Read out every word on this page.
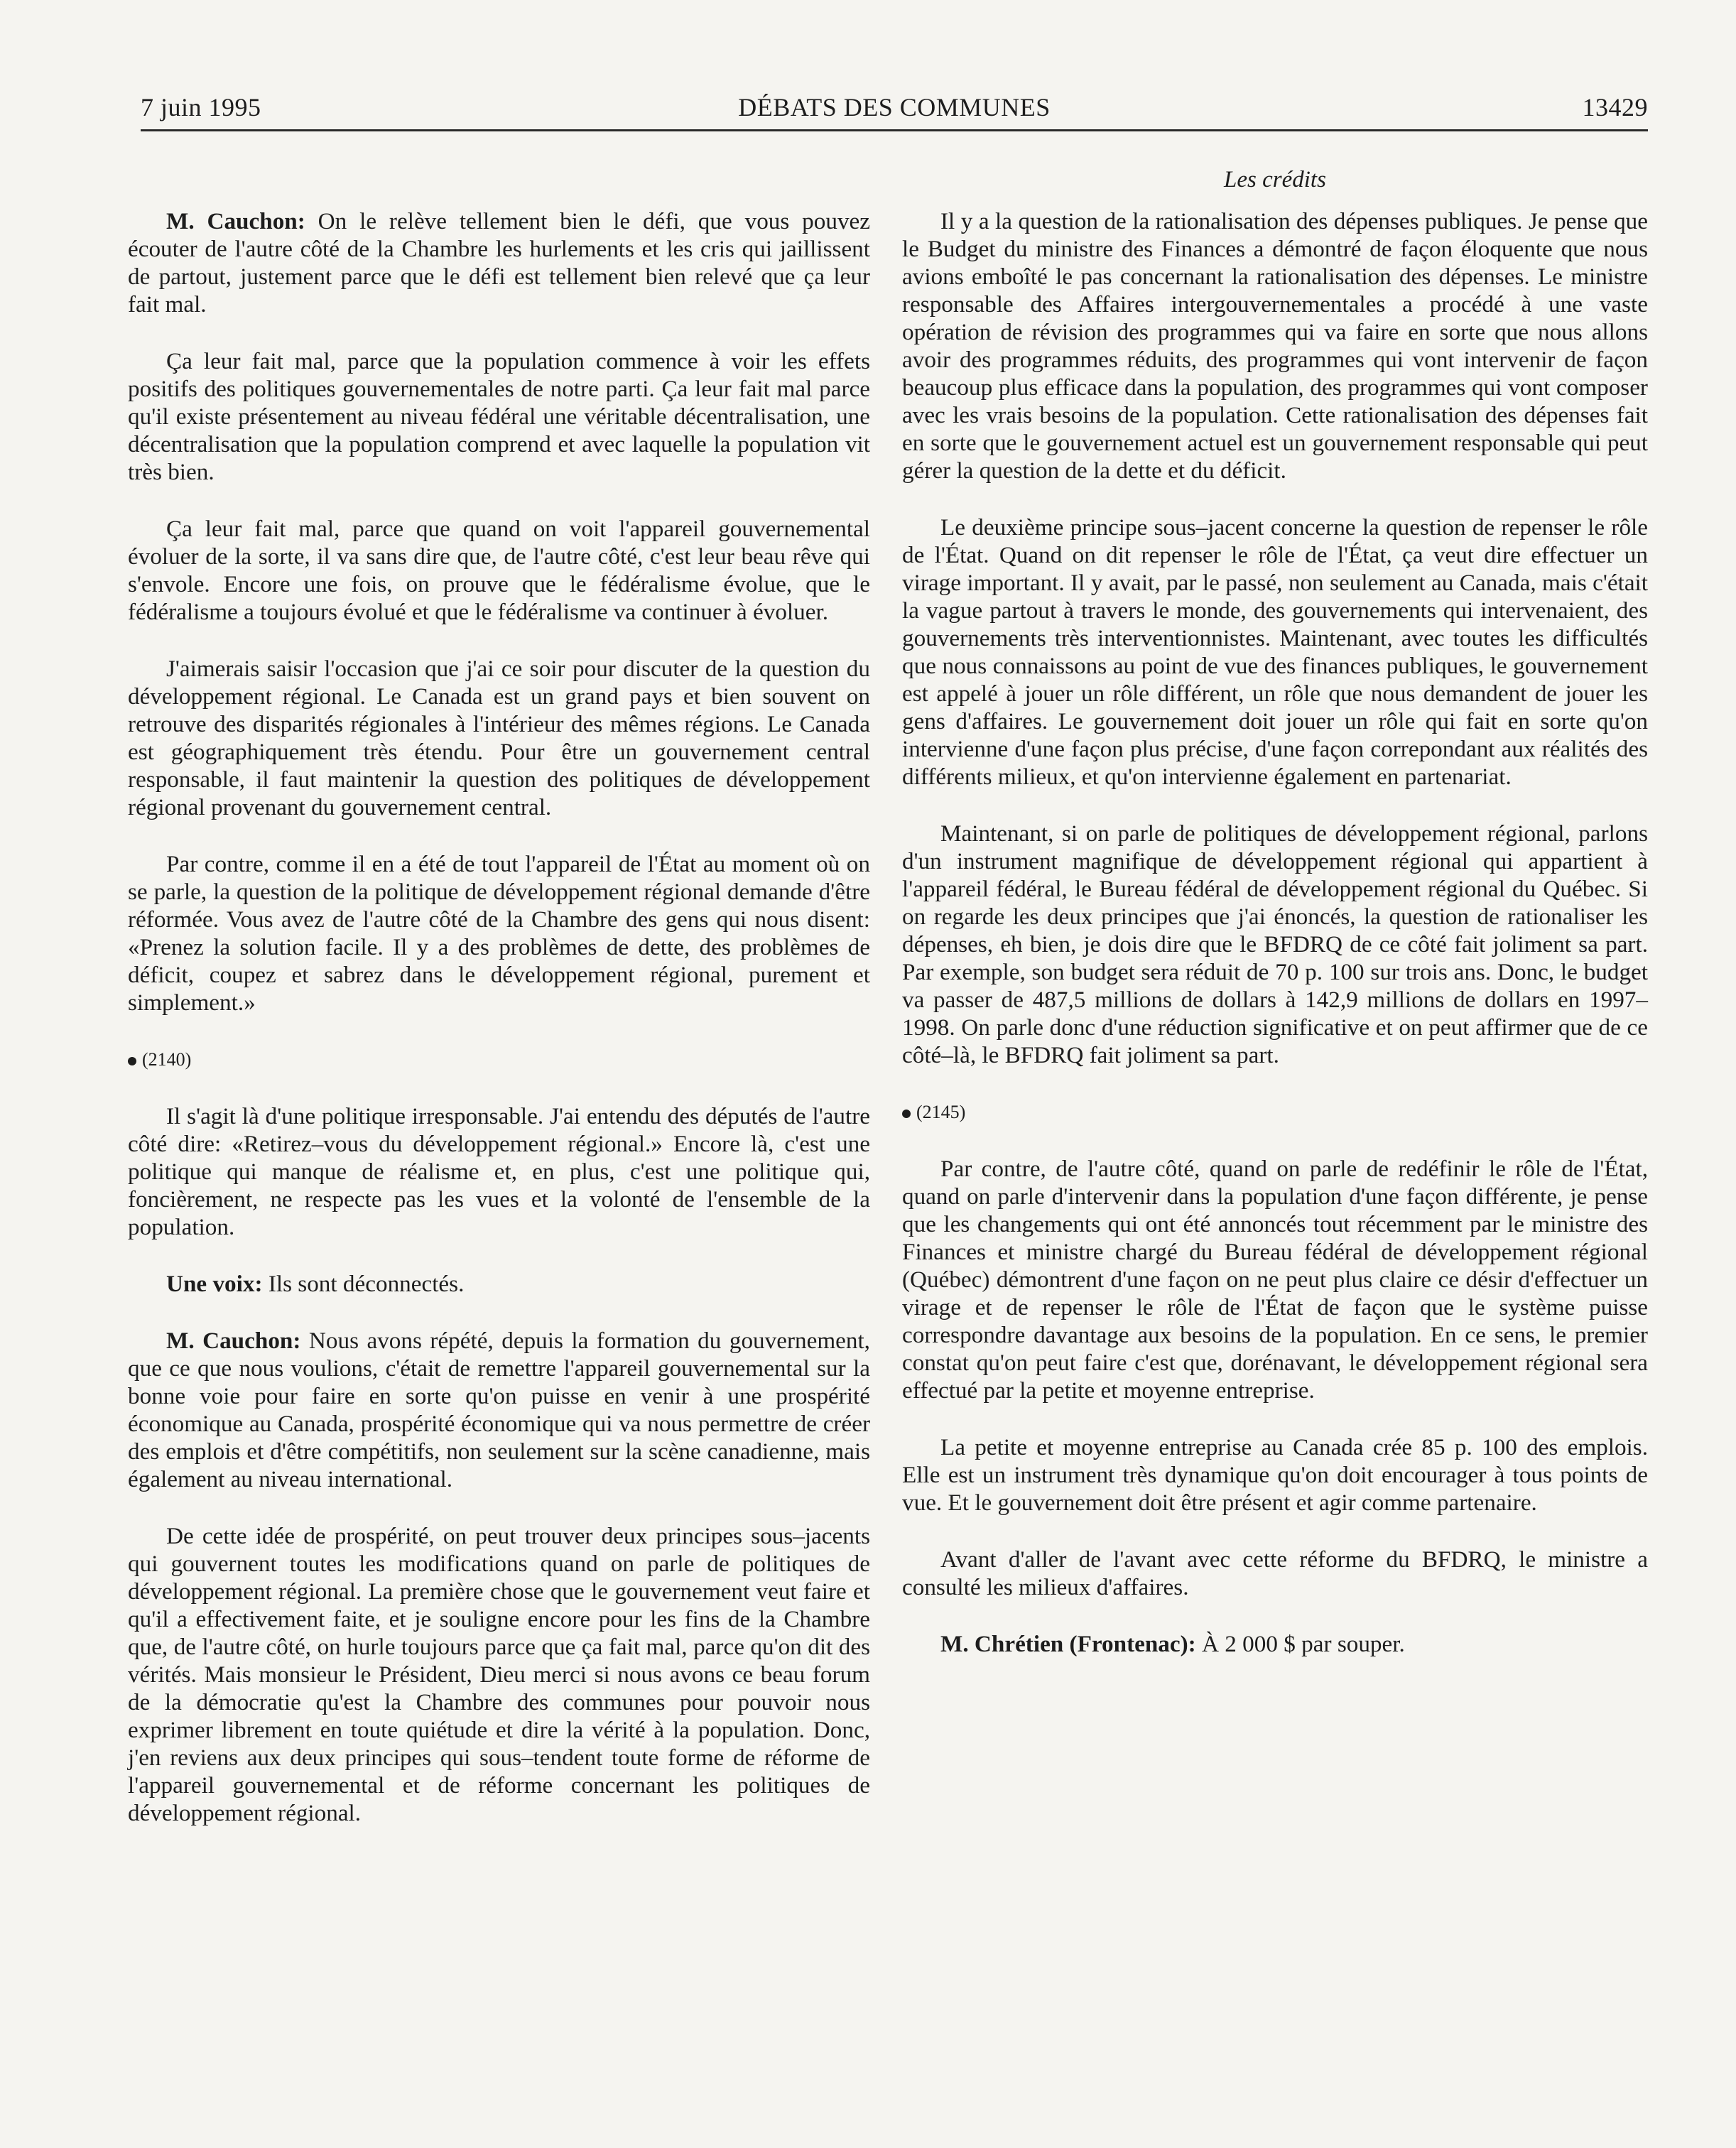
7 juin 1995	DÉBATS DES COMMUNES	13429
Les crédits

M. Cauchon: On le relève tellement bien le défi, que vous pouvez écouter de l'autre côté de la Chambre les hurlements et les cris qui jaillissent de partout, justement parce que le défi est tellement bien relevé que ça leur fait mal.

Ça leur fait mal, parce que la population commence à voir les effets positifs des politiques gouvernementales de notre parti. Ça leur fait mal parce qu'il existe présentement au niveau fédéral une véritable décentralisation, une décentralisation que la population comprend et avec laquelle la population vit très bien.

Ça leur fait mal, parce que quand on voit l'appareil gouvernemental évoluer de la sorte, il va sans dire que, de l'autre côté, c'est leur beau rêve qui s'envole. Encore une fois, on prouve que le fédéralisme évolue, que le fédéralisme a toujours évolué et que le fédéralisme va continuer à évoluer.

J'aimerais saisir l'occasion que j'ai ce soir pour discuter de la question du développement régional. Le Canada est un grand pays et bien souvent on retrouve des disparités régionales à l'intérieur des mêmes régions. Le Canada est géographiquement très étendu. Pour être un gouvernement central responsable, il faut maintenir la question des politiques de développement régional provenant du gouvernement central.

Par contre, comme il en a été de tout l'appareil de l'État au moment où on se parle, la question de la politique de développement régional demande d'être réformée. Vous avez de l'autre côté de la Chambre des gens qui nous disent: «Prenez la solution facile. Il y a des problèmes de dette, des problèmes de déficit, coupez et sabrez dans le développement régional, purement et simplement.»

(2140)

Il s'agit là d'une politique irresponsable. J'ai entendu des députés de l'autre côté dire: «Retirez–vous du développement régional.» Encore là, c'est une politique qui manque de réalisme et, en plus, c'est une politique qui, foncièrement, ne respecte pas les vues et la volonté de l'ensemble de la population.

Une voix: Ils sont déconnectés.

M. Cauchon: Nous avons répété, depuis la formation du gouvernement, que ce que nous voulions, c'était de remettre l'appareil gouvernemental sur la bonne voie pour faire en sorte qu'on puisse en venir à une prospérité économique au Canada, prospérité économique qui va nous permettre de créer des emplois et d'être compétitifs, non seulement sur la scène canadienne, mais également au niveau international.

De cette idée de prospérité, on peut trouver deux principes sous–jacents qui gouvernent toutes les modifications quand on parle de politiques de développement régional. La première chose que le gouvernement veut faire et qu'il a effectivement faite, et je souligne encore pour les fins de la Chambre que, de l'autre côté, on hurle toujours parce que ça fait mal, parce qu'on dit des vérités. Mais monsieur le Président, Dieu merci si nous avons ce beau forum de la démocratie qu'est la Chambre des communes pour pouvoir nous exprimer librement en toute quiétude et dire la vérité à la population. Donc, j'en reviens aux deux principes qui sous–tendent toute forme de réforme de l'appareil gouvernemental et de réforme concernant les politiques de développement régional.

Il y a la question de la rationalisation des dépenses publiques. Je pense que le Budget du ministre des Finances a démontré de façon éloquente que nous avions emboîté le pas concernant la rationalisation des dépenses. Le ministre responsable des Affaires intergouvernementales a procédé à une vaste opération de révision des programmes qui va faire en sorte que nous allons avoir des programmes réduits, des programmes qui vont intervenir de façon beaucoup plus efficace dans la population, des programmes qui vont composer avec les vrais besoins de la population. Cette rationalisation des dépenses fait en sorte que le gouvernement actuel est un gouvernement responsable qui peut gérer la question de la dette et du déficit.

Le deuxième principe sous–jacent concerne la question de repenser le rôle de l'État. Quand on dit repenser le rôle de l'État, ça veut dire effectuer un virage important. Il y avait, par le passé, non seulement au Canada, mais c'était la vague partout à travers le monde, des gouvernements qui intervenaient, des gouvernements très interventionnistes. Maintenant, avec toutes les difficultés que nous connaissons au point de vue des finances publiques, le gouvernement est appelé à jouer un rôle différent, un rôle que nous demandent de jouer les gens d'affaires. Le gouvernement doit jouer un rôle qui fait en sorte qu'on intervienne d'une façon plus précise, d'une façon correpondant aux réalités des différents milieux, et qu'on intervienne également en partenariat.

Maintenant, si on parle de politiques de développement régional, parlons d'un instrument magnifique de développement régional qui appartient à l'appareil fédéral, le Bureau fédéral de développement régional du Québec. Si on regarde les deux principes que j'ai énoncés, la question de rationaliser les dépenses, eh bien, je dois dire que le BFDRQ de ce côté fait joliment sa part. Par exemple, son budget sera réduit de 70 p. 100 sur trois ans. Donc, le budget va passer de 487,5 millions de dollars à 142,9 millions de dollars en 1997–1998. On parle donc d'une réduction significative et on peut affirmer que de ce côté–là, le BFDRQ fait joliment sa part.

(2145)

Par contre, de l'autre côté, quand on parle de redéfinir le rôle de l'État, quand on parle d'intervenir dans la population d'une façon différente, je pense que les changements qui ont été annoncés tout récemment par le ministre des Finances et ministre chargé du Bureau fédéral de développement régional (Québec) démontrent d'une façon on ne peut plus claire ce désir d'effectuer un virage et de repenser le rôle de l'État de façon que le système puisse correspondre davantage aux besoins de la population. En ce sens, le premier constat qu'on peut faire c'est que, dorénavant, le développement régional sera effectué par la petite et moyenne entreprise.

La petite et moyenne entreprise au Canada crée 85 p. 100 des emplois. Elle est un instrument très dynamique qu'on doit encourager à tous points de vue. Et le gouvernement doit être présent et agir comme partenaire.

Avant d'aller de l'avant avec cette réforme du BFDRQ, le ministre a consulté les milieux d'affaires.

M. Chrétien (Frontenac): À 2 000 $ par souper.
